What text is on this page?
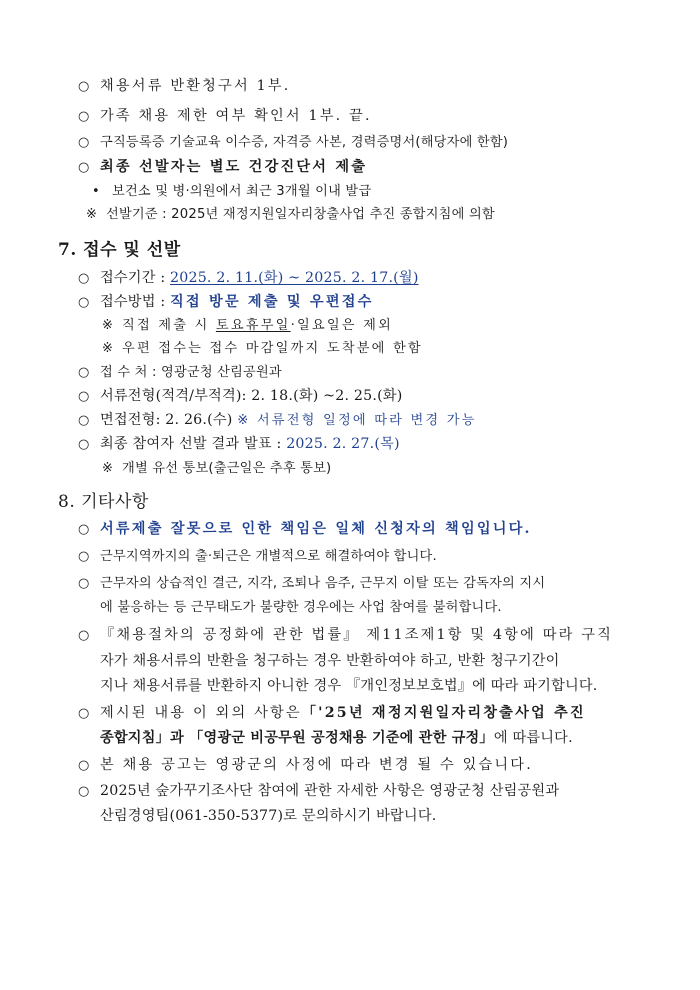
○ 채용서류 반환청구서 1부.
○ 가족 채용 제한 여부 확인서 1부. 끝.
○ 구직등록증 기술교육 이수증, 자격증 사본, 경력증명서(해당자에 한함)
○ 최종 선발자는 별도 건강진단서 제출
• 보건소 및 병·의원에서 최근 3개월 이내 발급
※ 선발기준 : 2025년 재정지원일자리창출사업 추진 종합지침에 의함
7. 접수 및 선발
○ 접수기간 : 2025. 2. 11.(화) ~ 2025. 2. 17.(월)
○ 접수방법 : 직접 방문 제출 및 우편접수
※ 직접 제출 시 토요휴무일·일요일은 제외
※ 우편 접수는 접수 마감일까지 도착분에 한함
○ 접 수 처 : 영광군청 산림공원과
○ 서류전형(적격/부적격): 2. 18.(화) ~2. 25.(화)
○ 면접전형: 2. 26.(수) ※ 서류전형 일정에 따라 변경 가능
○ 최종 참여자 선발 결과 발표 : 2025. 2. 27.(목)
※ 개별 유선 통보(출근일은 추후 통보)
8. 기타사항
○ 서류제출 잘못으로 인한 책임은 일체 신청자의 책임입니다.
○ 근무지역까지의 출·퇴근은 개별적으로 해결하여야 합니다.
○ 근무자의 상습적인 결근, 지각, 조퇴나 음주, 근무지 이탈 또는 감독자의 지시
에 불응하는 등 근무태도가 불량한 경우에는 사업 참여를 불허합니다.
○ 『채용절차의 공정화에 관한 법률』 제11조제1항 및 4항에 따라 구직
자가 채용서류의 반환을 청구하는 경우 반환하여야 하고, 반환 청구기간이
지나 채용서류를 반환하지 아니한 경우 『개인정보보호법』에 따라 파기합니다.
○ 제시된 내용 이 외의 사항은「'25년 재정지원일자리창출사업 추진
종합지침」과 「영광군 비공무원 공정채용 기준에 관한 규정」에 따릅니다.
○ 본 채용 공고는 영광군의 사정에 따라 변경 될 수 있습니다.
○ 2025년 숲가꾸기조사단 참여에 관한 자세한 사항은 영광군청 산림공원과
산림경영팀(061-350-5377)로 문의하시기 바랍니다.
